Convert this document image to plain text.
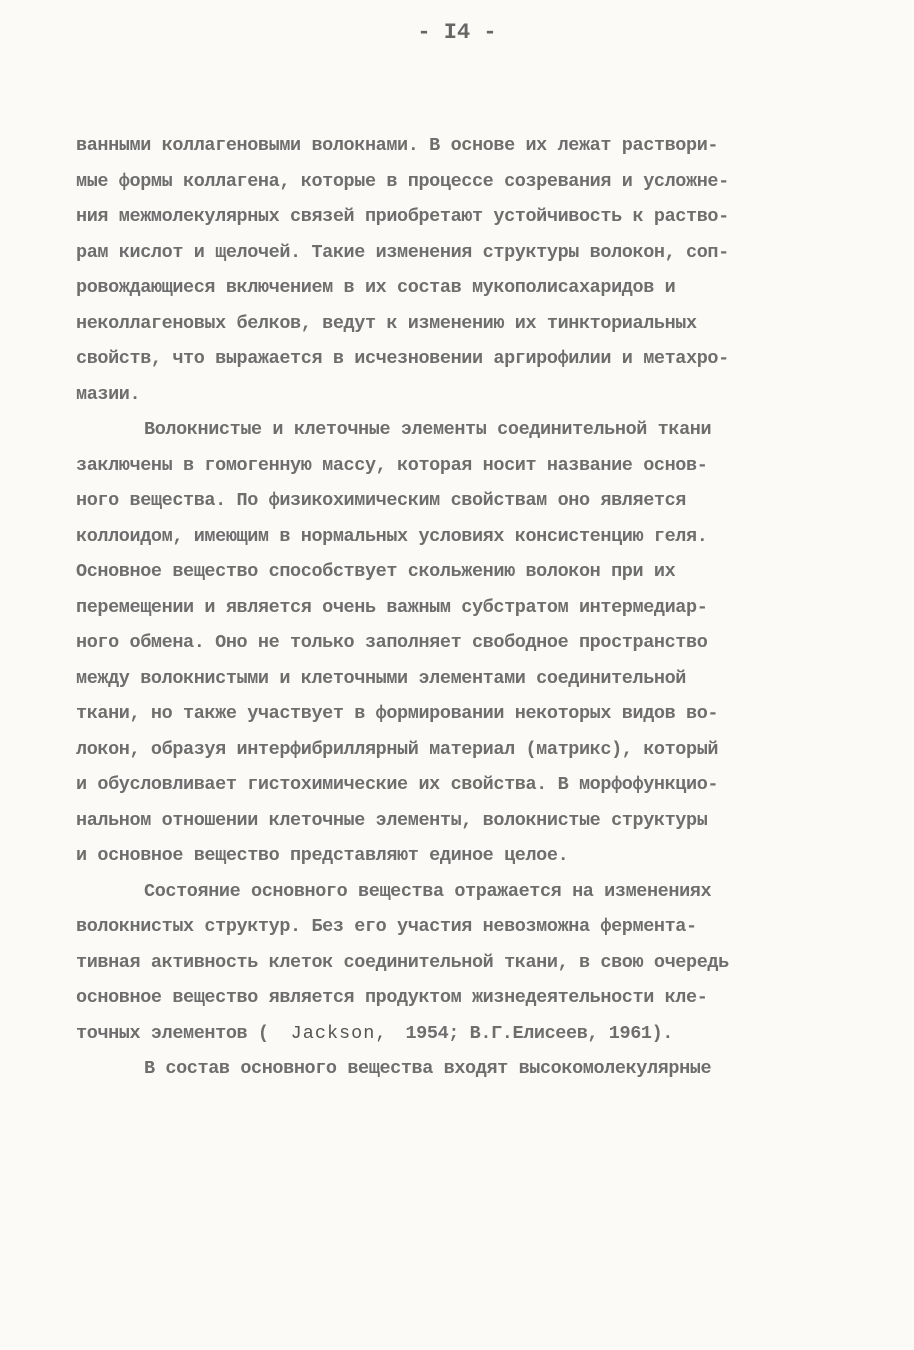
- I4 -
ванными коллагеновыми волокнами. В основе их лежат раствори-
мые формы коллагена, которые в процессе созревания и усложне-
ния межмолекулярных связей приобретают устойчивость к раство-
рам кислот и щелочей. Такие изменения структуры волокон, соп-
ровождающиеся включением в их состав мукополисахаридов и
неколлагеновых белков, ведут к изменению их тинкториальных
свойств, что выражается в исчезновении аргирофилии и метахро-
мазии.
Волокнистые и клеточные элементы соединительной ткани
заключены в гомогенную массу, которая носит название основ-
ного вещества. По физикохимическим свойствам оно является
коллоидом, имеющим в нормальных условиях консистенцию геля.
Основное вещество способствует скольжению волокон при их
перемещении и является очень важным субстратом интермедиар-
ного обмена. Оно не только заполняет свободное пространство
между волокнистыми и клеточными элементами соединительной
ткани, но также участвует в формировании некоторых видов во-
локон, образуя интерфибриллярный материал (матрикс), который
и обусловливает гистохимические их свойства. В морфофункцио-
нальном отношении клеточные элементы, волокнистые структуры
и основное вещество представляют единое целое.
Состояние основного вещества отражается на изменениях
волокнистых структур. Без его участия невозможна фермента-
тивная активность клеток соединительной ткани, в свою очередь
основное вещество является продуктом жизнедеятельности кле-
точных элементов ( Jackson, 1954; В.Г.Елисеев, 1961).
В состав основного вещества входят высокомолекулярные
